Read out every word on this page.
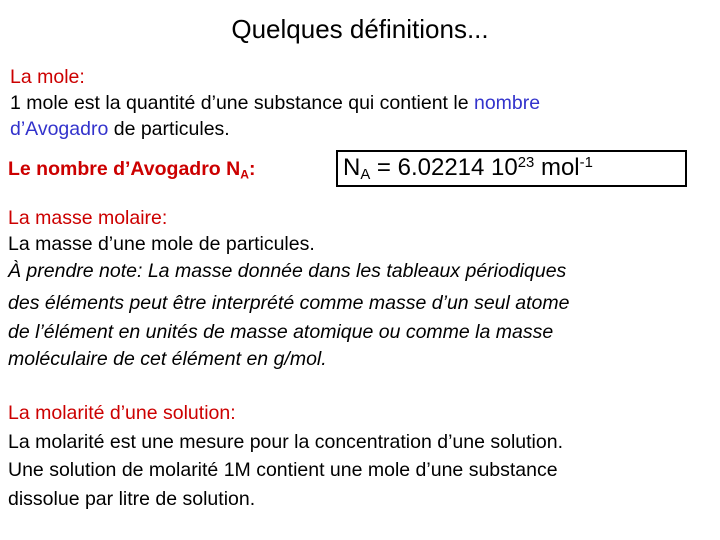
Quelques définitions...
La mole:
1 mole est la quantité d’une substance qui contient le nombre
d’Avogadro de particules.
Le nombre d’Avogadro $N_A$:	$N_A = 6.02214$ $10^{23}$ mol$^{-1}$
La masse molaire:
La masse d’une mole de particules.
À prendre note: La masse donnée dans les tableaux périodiques
des éléments peut être interprété comme masse d’un seul atome
de l’élément en unités de masse atomique ou comme la masse
moléculaire de cet élément en g/mol.
La molarité d’une solution:
La molarité est une mesure pour la concentration d’une solution.
Une solution de molarité 1M contient une mole d’une substance
dissolue par litre de solution.
